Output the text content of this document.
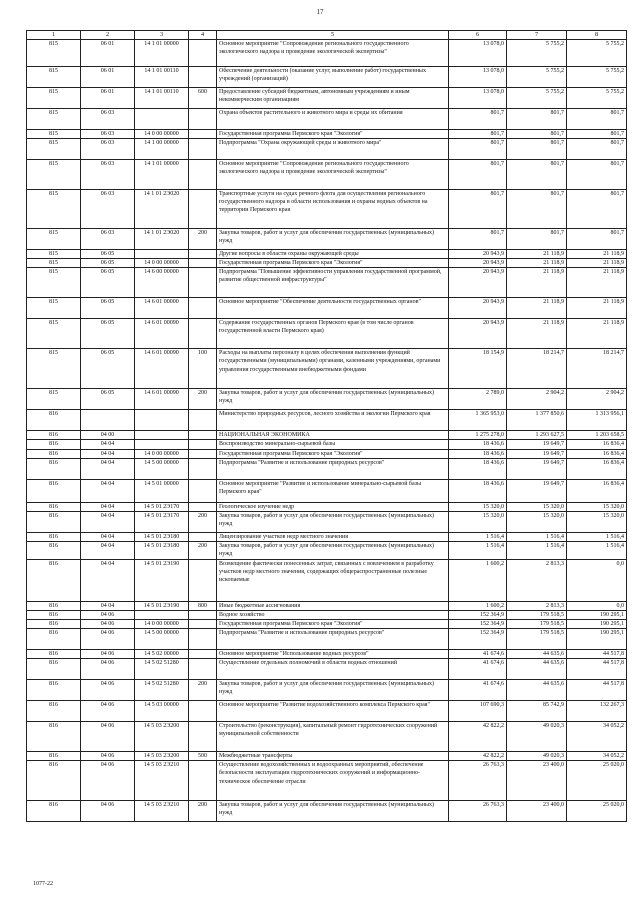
17
1	2	3	4	5	6	7	8
815	06 01	14 1 01 00000		Основное мероприятие "Сопровождение регионального государственного экологического надзора и проведение экологической экспертизы"	13 078,0	5 755,2	5 755,2
815	06 01	14 1 01 00110		Обеспечение деятельности (оказание услуг, выполнение работ) государственных учреждений (организаций)	13 078,0	5 755,2	5 755,2
815	06 01	14 1 01 00110	600	Предоставление субсидий бюджетным, автономным учреждениям и иным некоммерческим организациям	13 078,0	5 755,2	5 755,2
815	06 03			Охрана объектов растительного и животного мира и среды их обитания	801,7	801,7	801,7
815	06 03	14 0 00 00000		Государственная программа Пермского края "Экология"	801,7	801,7	801,7
815	06 03	14 1 00 00000		Подпрограмма "Охрана окружающей среды и животного мира"	801,7	801,7	801,7
815	06 03	14 1 01 00000		Основное мероприятие "Сопровождение регионального государственного экологического надзора и проведение экологической экспертизы"	801,7	801,7	801,7
815	06 03	14 1 01 2Э020		Транспортные услуги на судах речного флота для осуществления регионального государственного надзора в области использования и охраны водных объектов на территории Пермского края	801,7	801,7	801,7
815	06 03	14 1 01 2Э020	200	Закупка товаров, работ и услуг для обеспечения государственных (муниципальных) нужд	801,7	801,7	801,7
815	06 05			Другие вопросы в области охраны окружающей среды	20 943,9	21 118,9	21 118,9
815	06 05	14 0 00 00000		Государственная программа Пермского края "Экология"	20 943,9	21 118,9	21 118,9
815	06 05	14 6 00 00000		Подпрограмма "Повышение эффективности управления государственной программой, развитие общественной инфраструктуры"	20 943,9	21 118,9	21 118,9
815	06 05	14 6 01 00000		Основное мероприятие "Обеспечение деятельности государственных органов"	20 943,9	21 118,9	21 118,9
815	06 05	14 6 01 00090		Содержание государственных органов Пермского края (в том числе органов государственной власти Пермского края)	20 943,9	21 118,9	21 118,9
815	06 05	14 6 01 00090	100	Расходы на выплаты персоналу в целях обеспечения выполнения функций государственными (муниципальными) органами, казенными учреждениями, органами управления государственными внебюджетными фондами	18 154,9	18 214,7	18 214,7
815	06 05	14 6 01 00090	200	Закупка товаров, работ и услуг для обеспечения государственных (муниципальных) нужд	2 789,0	2 904,2	2 904,2
816				Министерство природных ресурсов, лесного хозяйства и экологии Пермского края	1 365 953,0	1 377 850,6	1 313 956,1
816	04 00			НАЦИОНАЛЬНАЯ ЭКОНОМИКА	1 275 278,0	1 293 627,5	1 203 658,5
816	04 04			Воспроизводство минерально-сырьевой базы	18 436,6	19 649,7	16 836,4
816	04 04	14 0 00 00000		Государственная программа Пермского края "Экология"	18 436,6	19 649,7	16 836,4
816	04 04	14 5 00 00000		Подпрограмма "Развитие и использование природных ресурсов"	18 436,6	19 649,7	16 836,4
816	04 04	14 5 01 00000		Основное мероприятие "Развитие и использование минерально-сырьевой базы Пермского края"	18 436,6	19 649,7	16 836,4
816	04 04	14 5 01 2Э170		Геологическое изучение недр	15 320,0	15 320,0	15 320,0
816	04 04	14 5 01 2Э170	200	Закупка товаров, работ и услуг для обеспечения государственных (муниципальных) нужд	15 320,0	15 320,0	15 320,0
816	04 04	14 5 01 2Э180		Лицензирование участков недр местного значения	1 516,4	1 516,4	1 516,4
816	04 04	14 5 01 2Э180	200	Закупка товаров, работ и услуг для обеспечения государственных (муниципальных) нужд	1 516,4	1 516,4	1 516,4
816	04 04	14 5 01 2Э190		Возмещение фактически понесенных затрат, связанных с вовлечением в разработку участков недр местного значения, содержащих общераспространенные полезные ископаемые	1 600,2	2 813,3	0,0
816	04 04	14 5 01 2Э190	800	Иные бюджетные ассигнования	1 600,2	2 813,3	0,0
816	04 06			Водное хозяйство	152 364,9	179 518,5	190 295,1
816	04 06	14 0 00 00000		Государственная программа Пермского края "Экология"	152 364,9	179 518,5	190 295,1
816	04 06	14 5 00 00000		Подпрограмма "Развитие и использование природных ресурсов"	152 364,9	179 518,5	190 295,1
816	04 06	14 5 02 00000		Основное мероприятие "Использование водных ресурсов"	41 674,6	44 635,6	44 517,8
816	04 06	14 5 02 51280		Осуществление отдельных полномочий в области водных отношений	41 674,6	44 635,6	44 517,8
816	04 06	14 5 02 51280	200	Закупка товаров, работ и услуг для обеспечения государственных (муниципальных) нужд	41 674,6	44 635,6	44 517,8
816	04 06	14 5 03 00000		Основное мероприятие "Развитие водохозяйственного комплекса Пермского края"	107 690,3	85 742,9	132 267,3
816	04 06	14 5 03 2Э200		Строительство (реконструкция), капитальный ремонт гидротехнических сооружений муниципальной собственности	42 822,2	49 020,3	34 052,2
816	04 06	14 5 03 2Э200	500	Межбюджетные трансферты	42 822,2	49 020,3	34 052,2
816	04 06	14 5 03 2Э210		Осуществление водохозяйственных и водоохранных мероприятий, обеспечение безопасности эксплуатации гидротехнических сооружений и информационно-техническое обеспечение отрасли	26 763,3	23 400,0	25 020,0
816	04 06	14 5 03 2Э210	200	Закупка товаров, работ и услуг для обеспечения государственных (муниципальных) нужд	26 763,3	23 400,0	25 020,0
1077-22
